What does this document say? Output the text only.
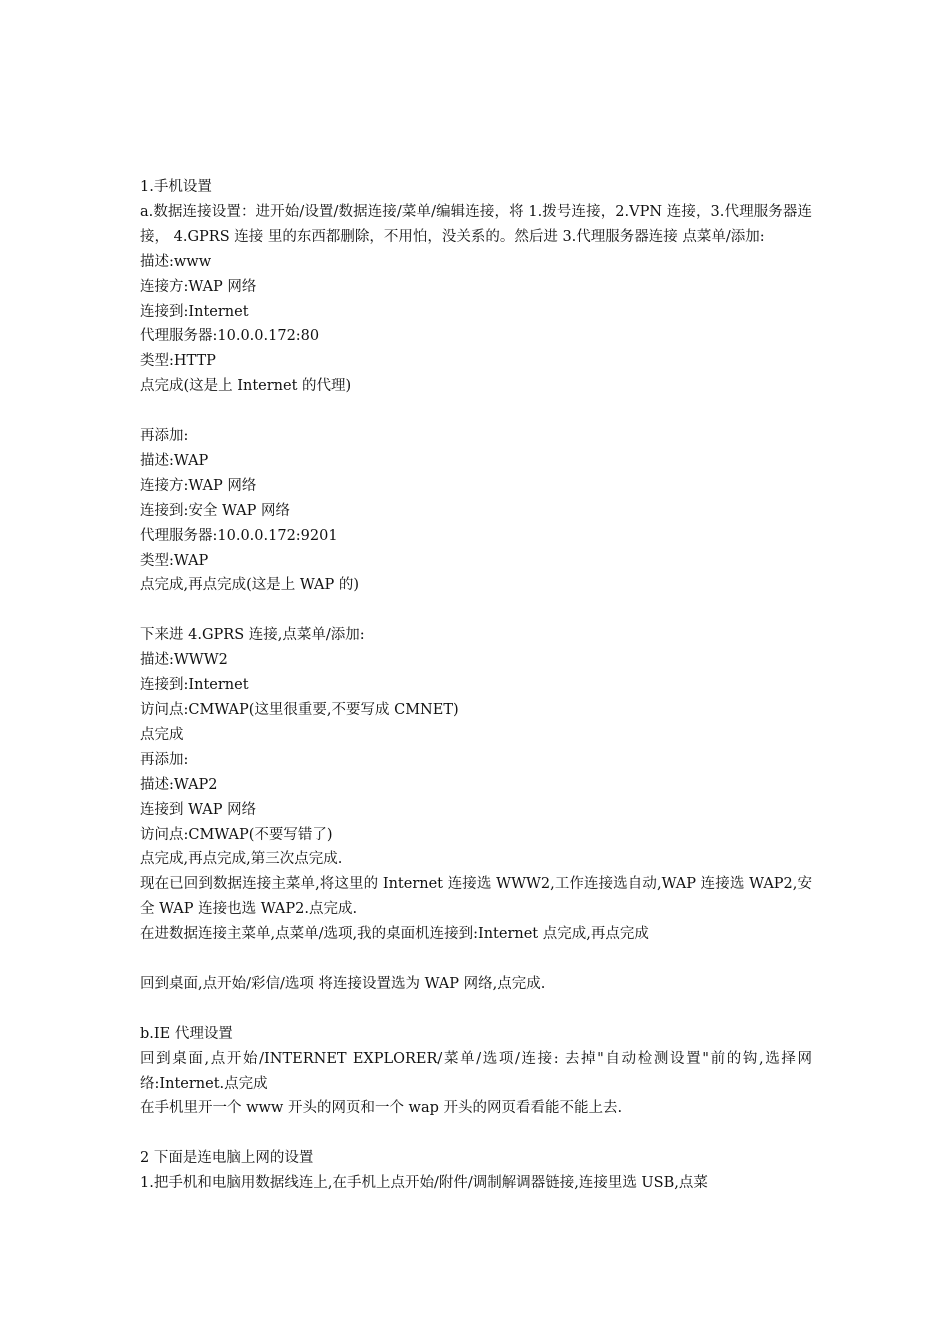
1.手机设置

a.数据连接设置：进开始/设置/数据连接/菜单/编辑连接，将 1.拨号连接，2.VPN 连接，3.代理服务器连接， 4.GPRS 连接 里的东西都删除，不用怕，没关系的。然后进 3.代理服务器连接 点菜单/添加:

描述:www

连接方:WAP 网络

连接到:Internet

代理服务器:10.0.0.172:80

类型:HTTP

点完成(这是上 Internet 的代理)

再添加:

描述:WAP

连接方:WAP 网络

连接到:安全 WAP 网络

代理服务器:10.0.0.172:9201

类型:WAP

点完成,再点完成(这是上 WAP 的)

下来进 4.GPRS 连接,点菜单/添加:

描述:WWW2

连接到:Internet

访问点:CMWAP(这里很重要,不要写成 CMNET)

点完成

再添加:

描述:WAP2

连接到 WAP 网络

访问点:CMWAP(不要写错了)

点完成,再点完成,第三次点完成.

现在已回到数据连接主菜单,将这里的 Internet 连接选 WWW2,工作连接选自动,WAP 连接选 WAP2,安全 WAP 连接也选 WAP2.点完成.

在进数据连接主菜单,点菜单/选项,我的桌面机连接到:Internet 点完成,再点完成

回到桌面,点开始/彩信/选项 将连接设置选为 WAP 网络,点完成.

b.IE 代理设置

回到桌面,点开始/INTERNET EXPLORER/菜单/选项/连接: 去掉"自动检测设置"前的钩,选择网络:Internet.点完成

在手机里开一个 www 开头的网页和一个 wap 开头的网页看看能不能上去.

2 下面是连电脑上网的设置

1.把手机和电脑用数据线连上,在手机上点开始/附件/调制解调器链接,连接里选 USB,点菜
